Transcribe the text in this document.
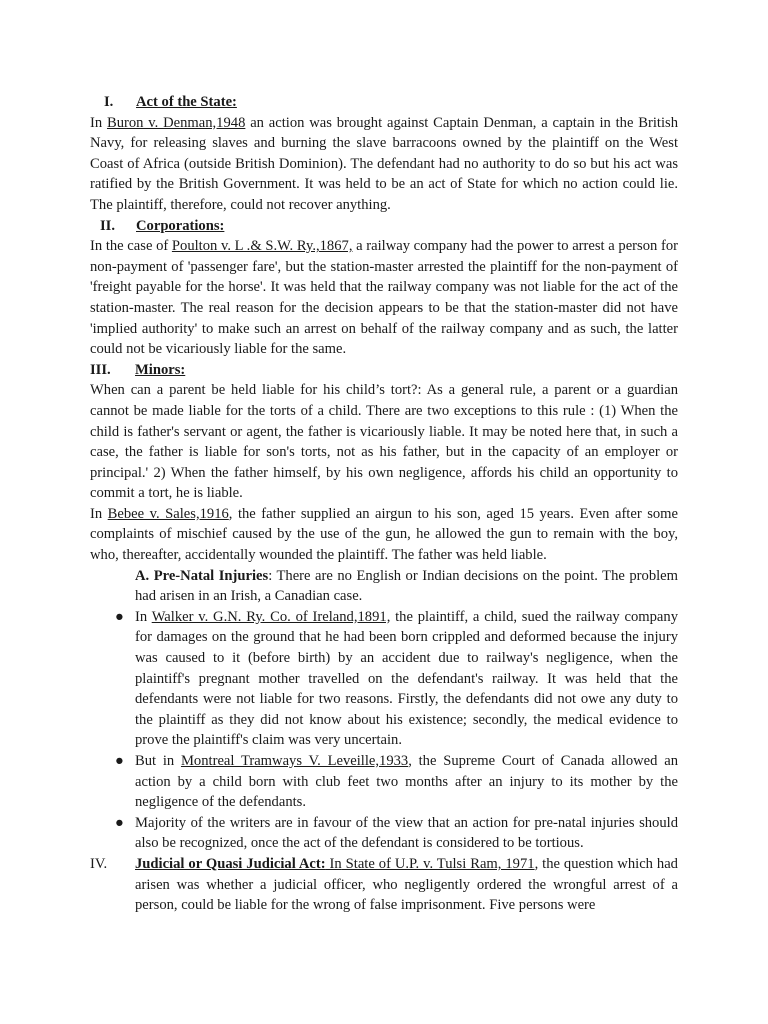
I.	Act of the State:
In Buron v. Denman,1948 an action was brought against Captain Denman, a captain in the British Navy, for releasing slaves and burning the slave barracoons owned by the plaintiff on the West Coast of Africa (outside British Dominion). The defendant had no authority to do so but his act was ratified by the British Government. It was held to be an act of State for which no action could lie. The plaintiff, therefore, could not recover anything.
II.	Corporations:
In the case of Poulton v. L .& S.W. Ry.,1867, a railway company had the power to arrest a person for non-payment of 'passenger fare', but the station-master arrested the plaintiff for the non-payment of 'freight payable for the horse'. It was held that the railway company was not liable for the act of the station-master. The real reason for the decision appears to be that the station-master did not have 'implied authority' to make such an arrest on behalf of the railway company and as such, the latter could not be vicariously liable for the same.
III.	Minors:
When can a parent be held liable for his child’s tort?: As a general rule, a parent or a guardian cannot be made liable for the torts of a child. There are two exceptions to this rule : (1) When the child is father's servant or agent, the father is vicariously liable. It may be noted here that, in such a case, the father is liable for son's torts, not as his father, but in the capacity of an employer or principal.' 2) When the father himself, by his own negligence, affords his child an opportunity to commit a tort, he is liable.
In Bebee v. Sales,1916, the father supplied an airgun to his son, aged 15 years. Even after some complaints of mischief caused by the use of the gun, he allowed the gun to remain with the boy, who, thereafter, accidentally wounded the plaintiff. The father was held liable.
A. Pre-Natal Injuries: There are no English or Indian decisions on the point. The problem had arisen in an Irish, a Canadian case.
● In Walker v. G.N. Ry. Co. of Ireland,1891, the plaintiff, a child, sued the railway company for damages on the ground that he had been born crippled and deformed because the injury was caused to it (before birth) by an accident due to railway's negligence, when the plaintiff's pregnant mother travelled on the defendant's railway. It was held that the defendants were not liable for two reasons. Firstly, the defendants did not owe any duty to the plaintiff as they did not know about his existence; secondly, the medical evidence to prove the plaintiff's claim was very uncertain.
● But in Montreal Tramways V. Leveille,1933, the Supreme Court of Canada allowed an action by a child born with club feet two months after an injury to its mother by the negligence of the defendants.
● Majority of the writers are in favour of the view that an action for pre-natal injuries should also be recognized, once the act of the defendant is considered to be tortious.
IV.	Judicial or Quasi Judicial Act: In State of U.P. v. Tulsi Ram, 1971, the question which had arisen was whether a judicial officer, who negligently ordered the wrongful arrest of a person, could be liable for the wrong of false imprisonment. Five persons were
